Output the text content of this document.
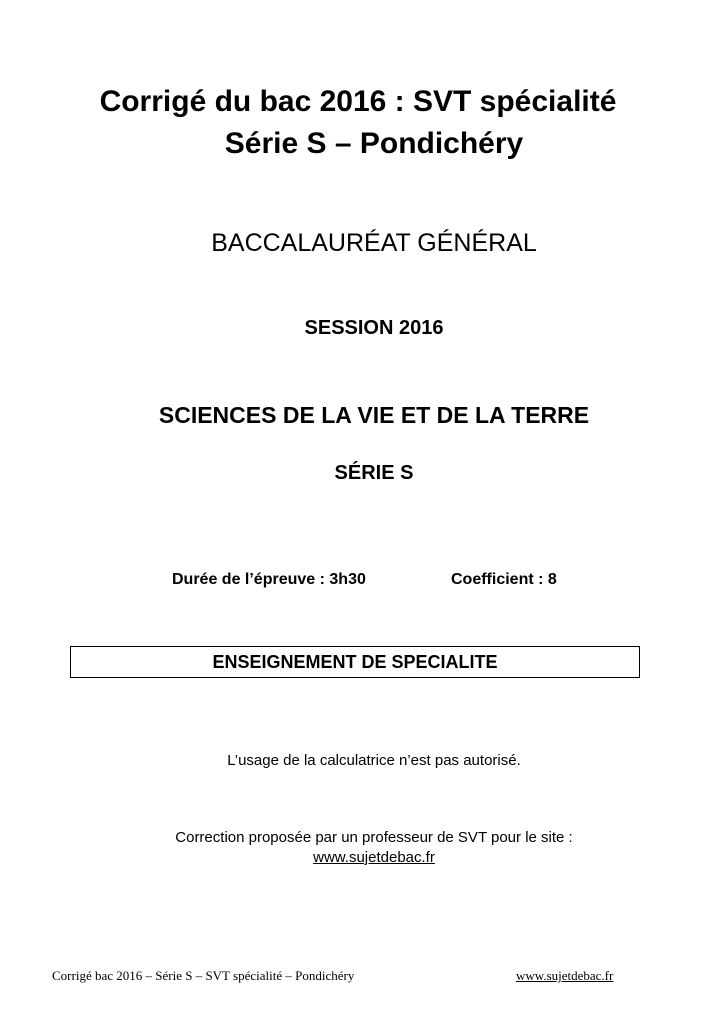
Corrigé du bac 2016 : SVT spécialité
Série S – Pondichéry
BACCALAURÉAT GÉNÉRAL
SESSION 2016
SCIENCES DE LA VIE ET DE LA TERRE
SÉRIE S
Durée de l’épreuve : 3h30	Coefficient : 8
ENSEIGNEMENT DE SPECIALITE
L’usage de la calculatrice n’est pas autorisé.
Correction proposée par un professeur de SVT pour le site :
www.sujetdebac.fr
Corrigé bac 2016 – Série S – SVT spécialité – Pondichéry	www.sujetdebac.fr
